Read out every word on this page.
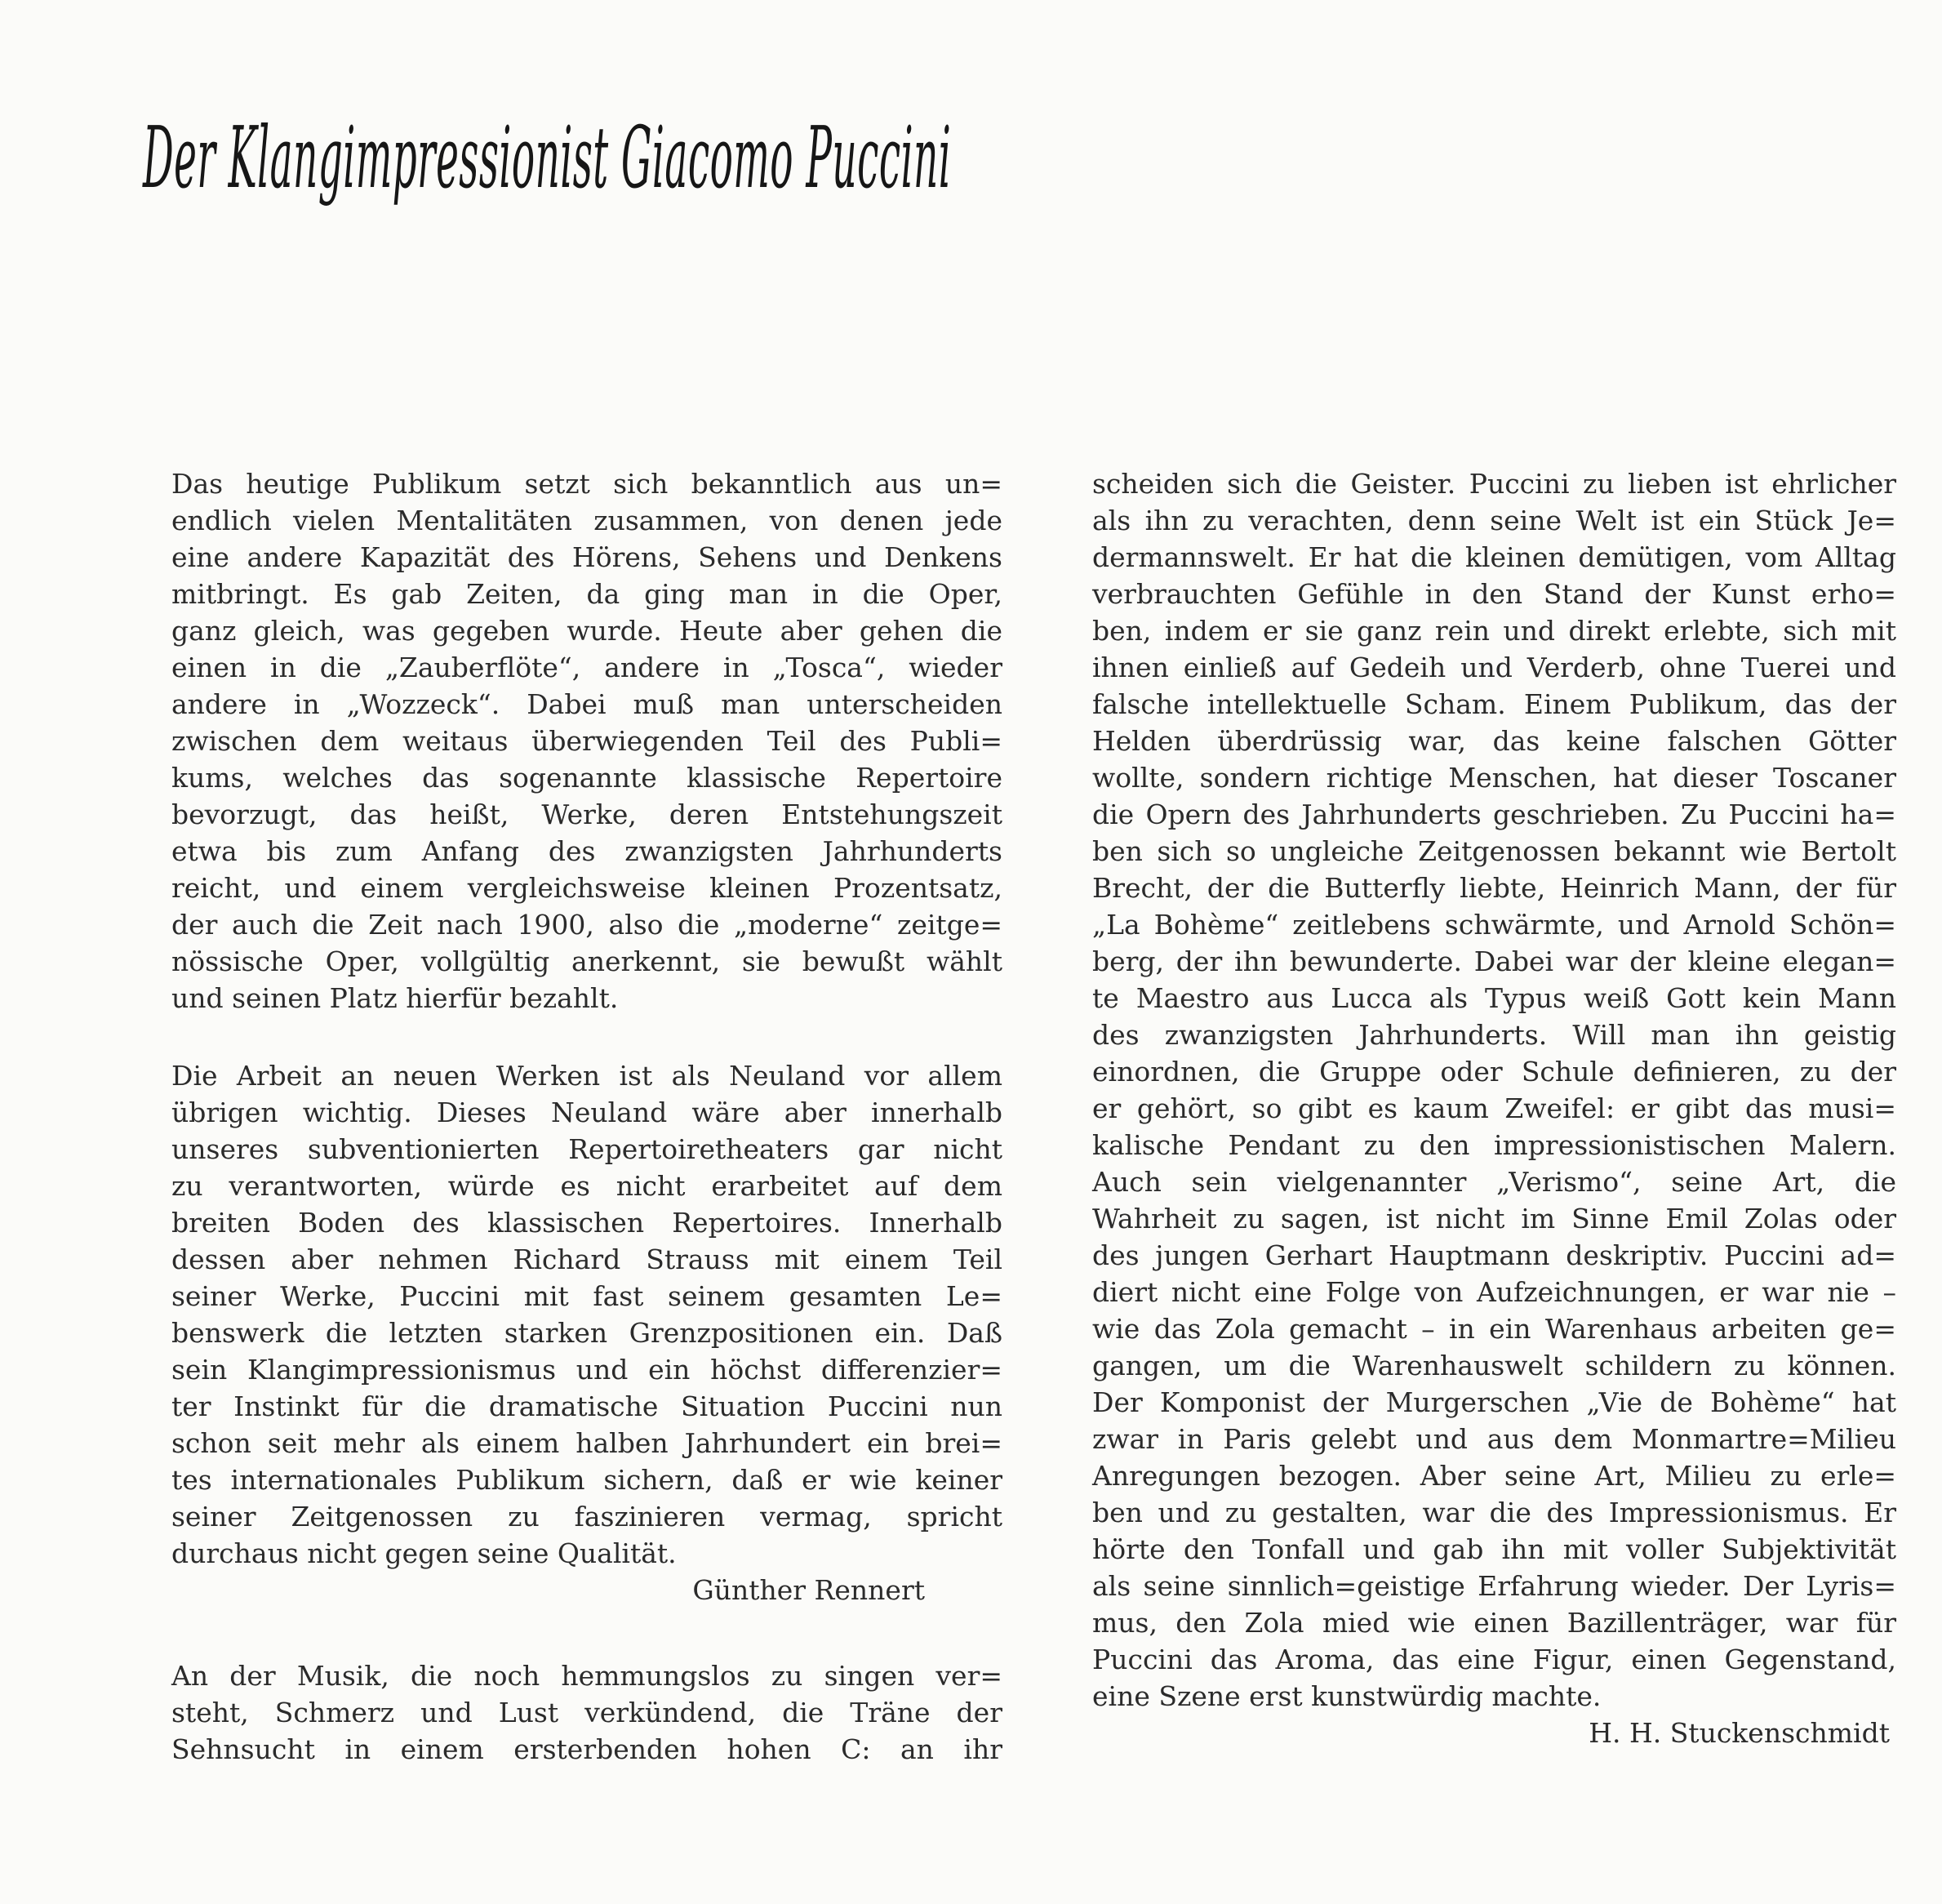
Der Klangimpressionist Giacomo Puccini
Das heutige Publikum setzt sich bekanntlich aus un=
endlich vielen Mentalitäten zusammen, von denen jede
eine andere Kapazität des Hörens, Sehens und Denkens
mitbringt. Es gab Zeiten, da ging man in die Oper,
ganz gleich, was gegeben wurde. Heute aber gehen die
einen in die „Zauberflöte“, andere in „Tosca“, wieder
andere in „Wozzeck“. Dabei muß man unterscheiden
zwischen dem weitaus überwiegenden Teil des Publi=
kums, welches das sogenannte klassische Repertoire
bevorzugt, das heißt, Werke, deren Entstehungszeit
etwa bis zum Anfang des zwanzigsten Jahrhunderts
reicht, und einem vergleichsweise kleinen Prozentsatz,
der auch die Zeit nach 1900, also die „moderne“ zeitge=
nössische Oper, vollgültig anerkennt, sie bewußt wählt
und seinen Platz hierfür bezahlt.
Die Arbeit an neuen Werken ist als Neuland vor allem
übrigen wichtig. Dieses Neuland wäre aber innerhalb
unseres subventionierten Repertoiretheaters gar nicht
zu verantworten, würde es nicht erarbeitet auf dem
breiten Boden des klassischen Repertoires. Innerhalb
dessen aber nehmen Richard Strauss mit einem Teil
seiner Werke, Puccini mit fast seinem gesamten Le=
benswerk die letzten starken Grenzpositionen ein. Daß
sein Klangimpressionismus und ein höchst differenzier=
ter Instinkt für die dramatische Situation Puccini nun
schon seit mehr als einem halben Jahrhundert ein brei=
tes internationales Publikum sichern, daß er wie keiner
seiner Zeitgenossen zu faszinieren vermag, spricht
durchaus nicht gegen seine Qualität.
Günther Rennert
An der Musik, die noch hemmungslos zu singen ver=
steht, Schmerz und Lust verkündend, die Träne der
Sehnsucht in einem ersterbenden hohen C: an ihr
scheiden sich die Geister. Puccini zu lieben ist ehrlicher
als ihn zu verachten, denn seine Welt ist ein Stück Je=
dermannswelt. Er hat die kleinen demütigen, vom Alltag
verbrauchten Gefühle in den Stand der Kunst erho=
ben, indem er sie ganz rein und direkt erlebte, sich mit
ihnen einließ auf Gedeih und Verderb, ohne Tuerei und
falsche intellektuelle Scham. Einem Publikum, das der
Helden überdrüssig war, das keine falschen Götter
wollte, sondern richtige Menschen, hat dieser Toscaner
die Opern des Jahrhunderts geschrieben. Zu Puccini ha=
ben sich so ungleiche Zeitgenossen bekannt wie Bertolt
Brecht, der die Butterfly liebte, Heinrich Mann, der für
„La Bohème“ zeitlebens schwärmte, und Arnold Schön=
berg, der ihn bewunderte. Dabei war der kleine elegan=
te Maestro aus Lucca als Typus weiß Gott kein Mann
des zwanzigsten Jahrhunderts. Will man ihn geistig
einordnen, die Gruppe oder Schule definieren, zu der
er gehört, so gibt es kaum Zweifel: er gibt das musi=
kalische Pendant zu den impressionistischen Malern.
Auch sein vielgenannter „Verismo“, seine Art, die
Wahrheit zu sagen, ist nicht im Sinne Emil Zolas oder
des jungen Gerhart Hauptmann deskriptiv. Puccini ad=
diert nicht eine Folge von Aufzeichnungen, er war nie –
wie das Zola gemacht – in ein Warenhaus arbeiten ge=
gangen, um die Warenhauswelt schildern zu können.
Der Komponist der Murgerschen „Vie de Bohème“ hat
zwar in Paris gelebt und aus dem Monmartre=Milieu
Anregungen bezogen. Aber seine Art, Milieu zu erle=
ben und zu gestalten, war die des Impressionismus. Er
hörte den Tonfall und gab ihn mit voller Subjektivität
als seine sinnlich=geistige Erfahrung wieder. Der Lyris=
mus, den Zola mied wie einen Bazillenträger, war für
Puccini das Aroma, das eine Figur, einen Gegenstand,
eine Szene erst kunstwürdig machte.
H. H. Stuckenschmidt
